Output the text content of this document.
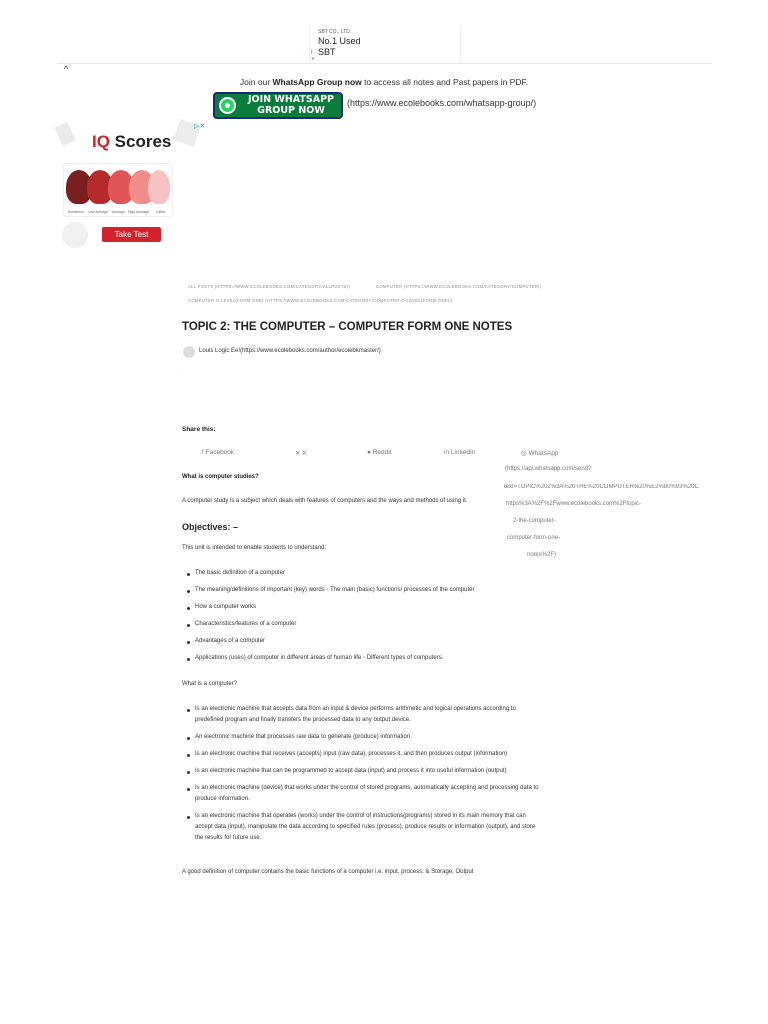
SBT CO., LTD.
No.1 Used
SBT
i
×
^
Join our WhatsApp Group now to access all notes and Past papers in PDF.
JOIN WHATSAPP
GROUP NOW
(https://www.ecolebooks.com/whatsapp-group/)
▷✕
IQ Scores
Borderline Low Average Average High Average Gifted
Take Test
ALL POSTS (HTTPS://WWW.ECOLEBOOKS.COM/CATEGORY/ALLPOSTS/)	COMPUTER (HTTPS://WWW.ECOLEBOOKS.COM/CATEGORY/COMPUTER/)
COMPUTER O LEVEL(FORM ONE) (HTTPS://WWW.ECOLEBOOKS.COM/CATEGORY/COMPUTER-O-LEVEL(FORM-ONE)/)
TOPIC 2: THE COMPUTER – COMPUTER FORM ONE NOTES
Louis Logic Ee!(https://www.ecolebooks.com/author/ecolebkmaster/)
.
Share this:
f Facebook	✕ X	● Reddit	in LinkedIn	◎ WhatsApp
(https://api.whatsapp.com/send?
text=TOPIC%202%3A%20THE%20COMPUTER%20%E2%80%93%20C
https%3A%2F%2Fwww.ecolebooks.com%2Ftopic-
2-the-computer-
computer-form-one-
notes%2F)
What is computer studies?
A computer study is a subject which deals with features of computers and the ways and methods of using it.
Objectives: –
This unit is intended to enable students to understand:
The basic definition of a computer
The meaning/definitions of important (key) words ◦ The main (basic) functions/ processes of the computer
How a computer works
Characteristics/features of a computer
Advantages of a computer
Applications (uses) of computer in different areas of human life ◦ Different types of computers.
What is a computer?
Is an electronic machine that accepts data from an input & device performs arithmetic and logical operations according to
predefined program and finally transfers the processed data to any output device.
An electronic machine that processes raw data to generate (produce) information.
Is an electronic machine that receives (accepts) input (raw data), processes it, and then produces output (information)
Is an electronic machine that can be programmed to accept data (input) and process it into useful information (output)
Is an electronic machine (device) that works under the control of stored programs, automatically accepting and processing data to
produce information.
Is an electronic machine that operates (works) under the control of instructions(programs) stored in its main memory that can
accept data (input), manipulate the data according to specified rules (process), produce results or information (output), and store
the results for future use.
A good definition of computer contains the basic functions of a computer i.e. input, process, & Storage, Output
